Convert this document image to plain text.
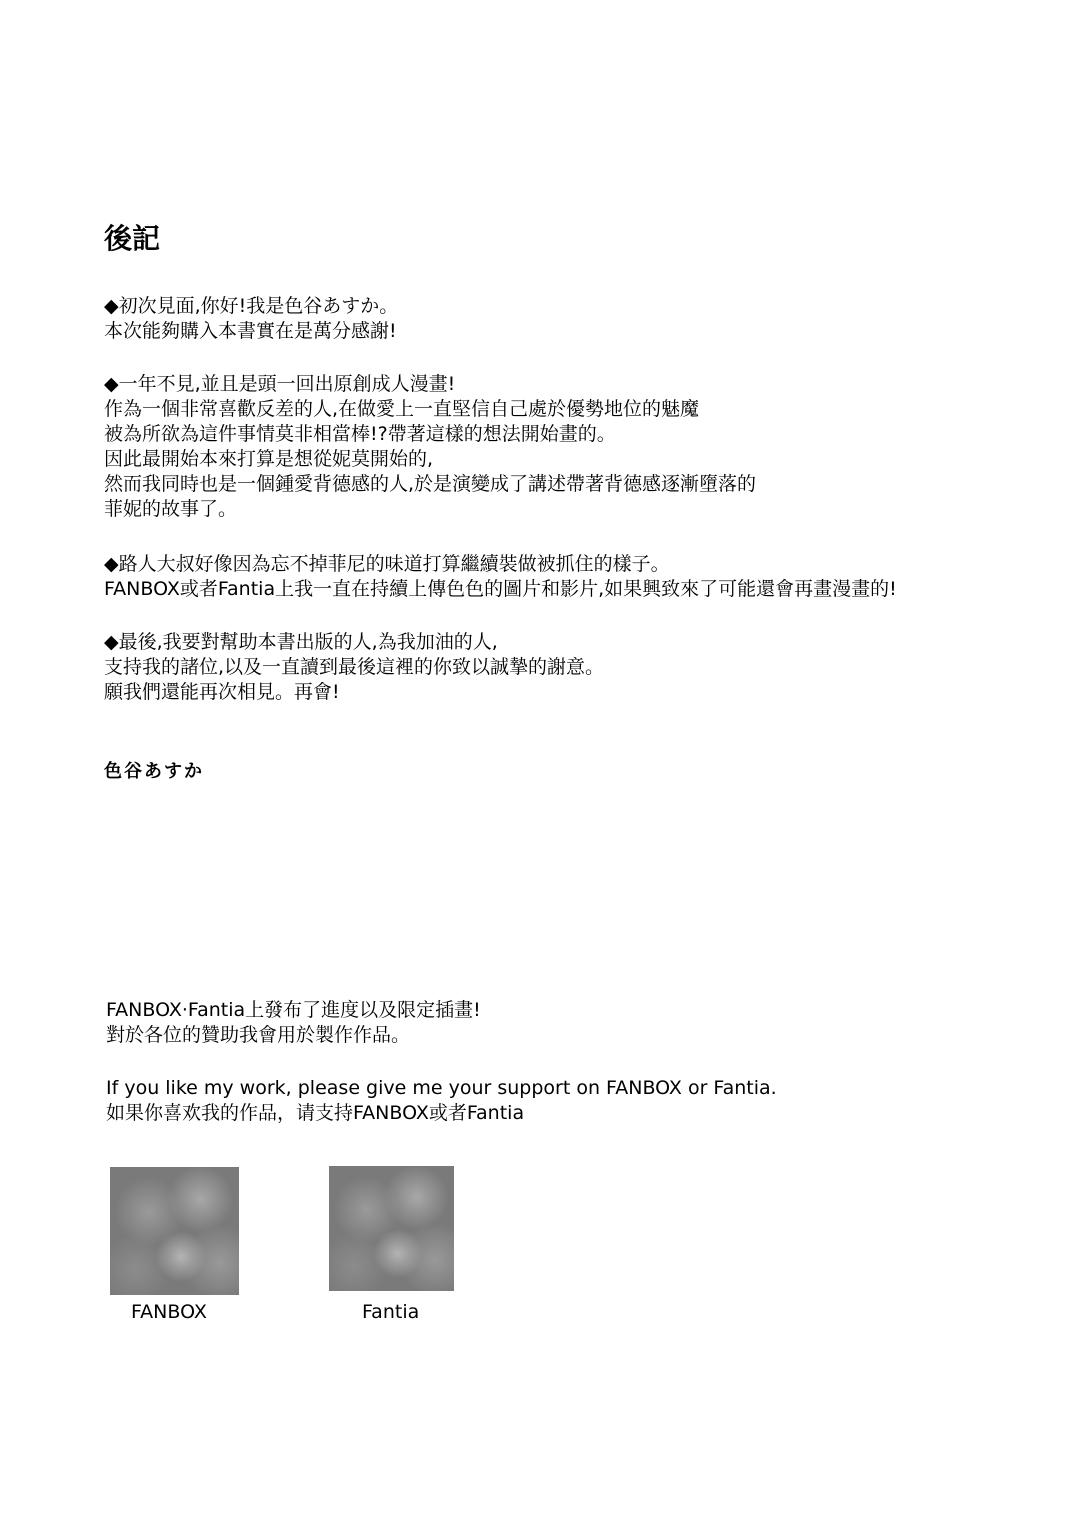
後記

◆初次見面,你好!我是色谷あすか。

本次能夠購入本書實在是萬分感謝!

◆一年不見,並且是頭一回出原創成人漫畫!

作為一個非常喜歡反差的人,在做愛上一直堅信自己處於優勢地位的魅魔

被為所欲為這件事情莫非相當棒!?帶著這樣的想法開始畫的。

因此最開始本來打算是想從妮莫開始的,

然而我同時也是一個鍾愛背德感的人,於是演變成了講述帶著背德感逐漸墮落的

菲妮的故事了。

◆路人大叔好像因為忘不掉菲尼的味道打算繼續裝做被抓住的樣子。

FANBOX或者Fantia上我一直在持續上傳色色的圖片和影片,如果興致來了可能還會再畫漫畫的!

◆最後,我要對幫助本書出版的人,為我加油的人,

支持我的諸位,以及一直讀到最後這裡的你致以誠摯的謝意。

願我們還能再次相見。再會!

色谷あすか

FANBOX·Fantia上發布了進度以及限定插畫!

對於各位的贊助我會用於製作作品。

If you like my work, please give me your support on FANBOX or Fantia.

如果你喜欢我的作品，请支持FANBOX或者Fantia

FANBOX	Fantia
